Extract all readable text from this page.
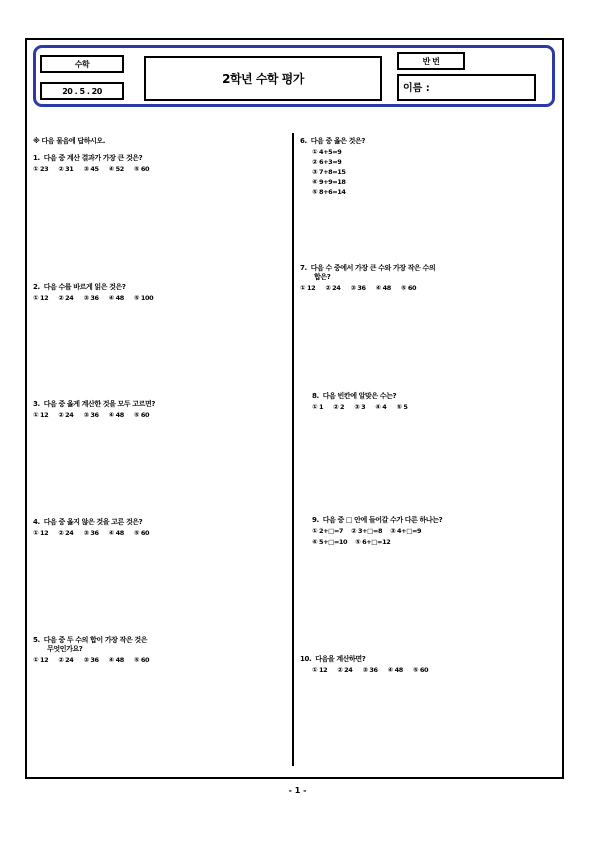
수학
20 . 5 . 20
2학년 수학 평가
반 번
이름 :
※ 다음 물음에 답하시오.
1. 다음 중 계산 결과가 가장 큰 것은?
① 23 ② 31 ③ 45 ④ 52 ⑤ 60
2. 다음 수를 바르게 읽은 것은?
① 12 ② 24 ③ 36 ④ 48 ⑤ 100
3. 다음 중 옳게 계산한 것을 모두 고르면?
① 12 ② 24 ③ 36 ④ 48 ⑤ 60
4. 다음 중 옳지 않은 것을 고른 것은?
① 12 ② 24 ③ 36 ④ 48 ⑤ 60
5. 다음 중 두 수의 합이 가장 작은 것은
무엇인가요?
① 12 ② 24 ③ 36 ④ 48 ⑤ 60
6. 다음 중 옳은 것은?
① 4+5=9
② 6+3=9
③ 7+8=15
④ 9+9=18
⑤ 8+6=14
7. 다음 수 중에서 가장 큰 수와 가장 작은 수의
합은?
① 12 ② 24 ③ 36 ④ 48 ⑤ 60
8. 다음 빈칸에 알맞은 수는?
① 1 ② 2 ③ 3 ④ 4 ⑤ 5
9. 다음 중 □ 안에 들어갈 수가 다른 하나는?
① 2+□=7 ② 3+□=8 ③ 4+□=9
④ 5+□=10 ⑤ 6+□=12
10. 다음을 계산하면?
① 12 ② 24 ③ 36 ④ 48 ⑤ 60
- 1 -
